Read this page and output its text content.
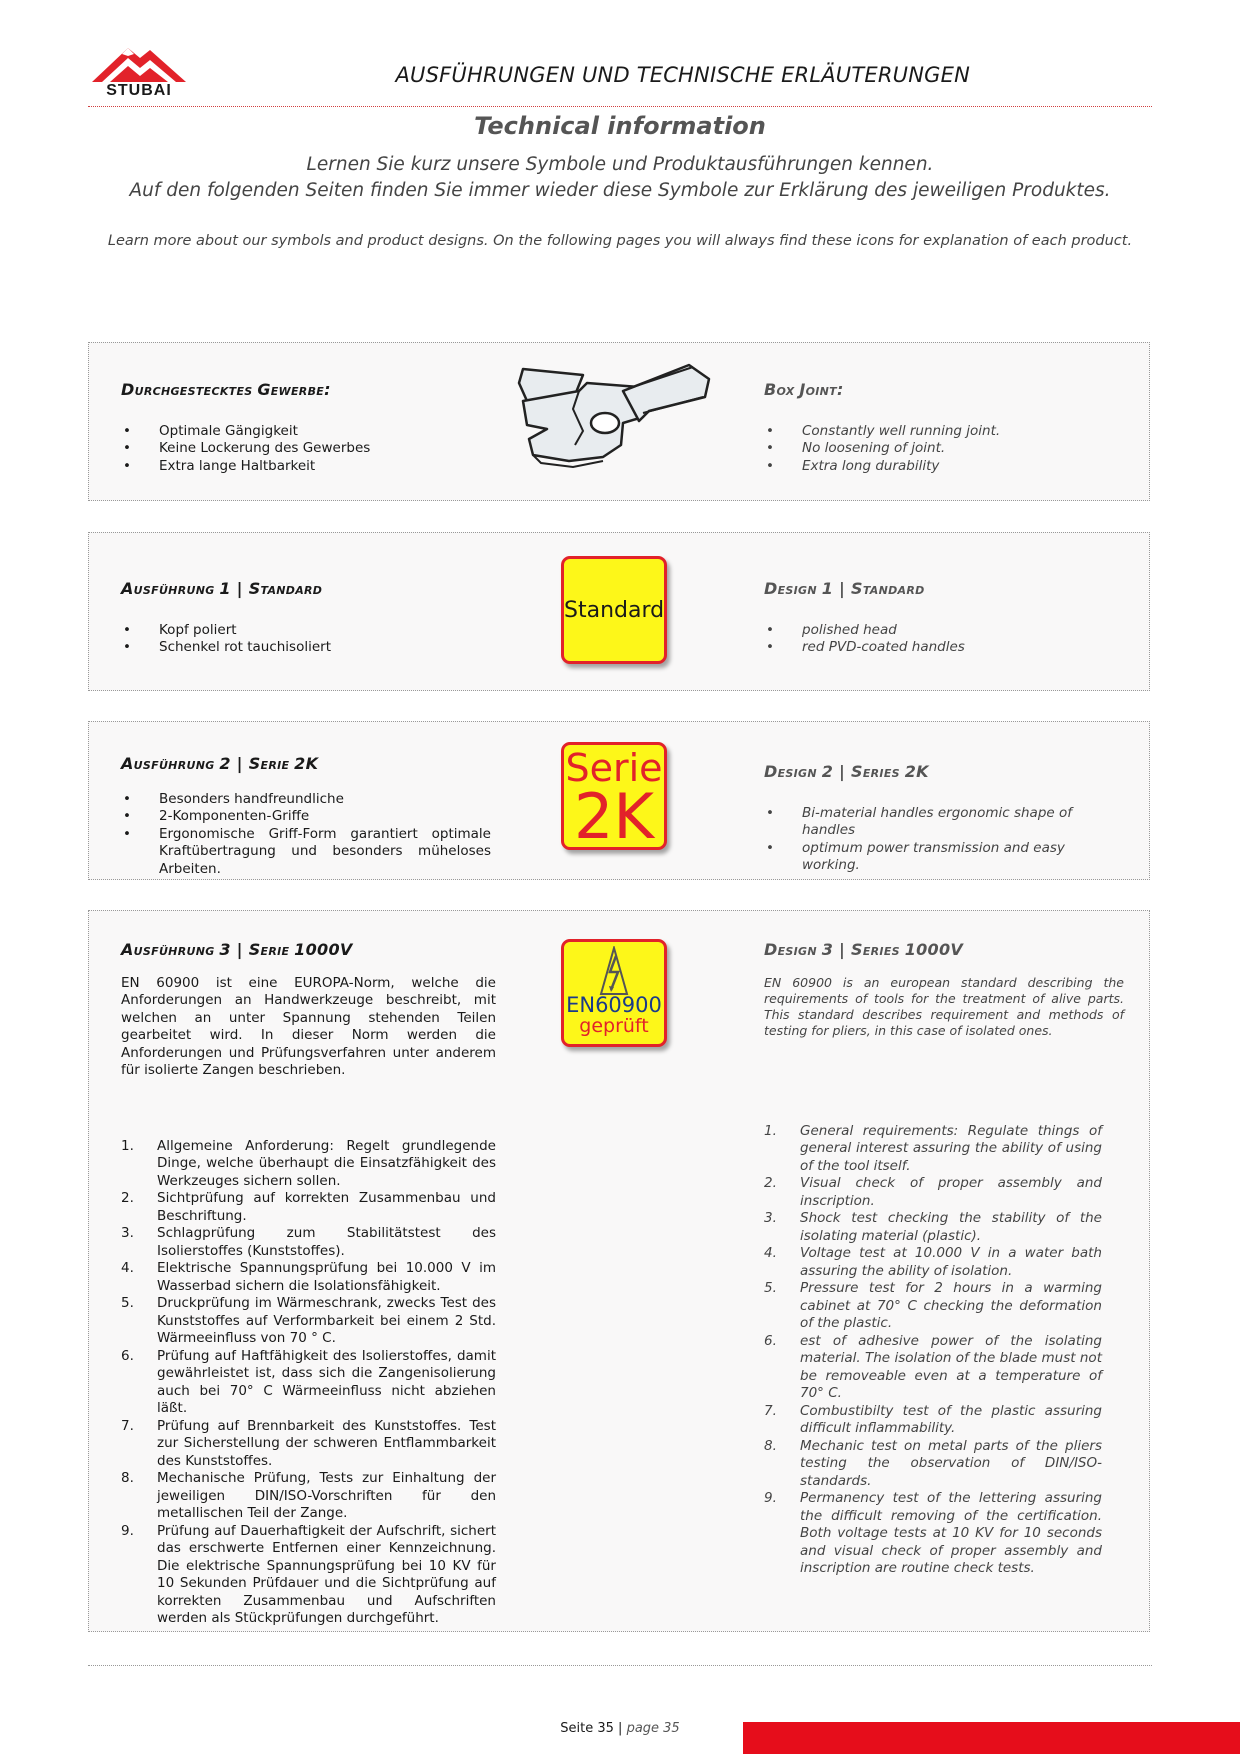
STUBAI
AUSFÜHRUNGEN UND TECHNISCHE ERLÄUTERUNGEN
Technical information
Lernen Sie kurz unsere Symbole und Produktausführungen kennen.
Auf den folgenden Seiten finden Sie immer wieder diese Symbole zur Erklärung des jeweiligen Produktes.
Learn more about our symbols and product designs. On the following pages you will always find these icons for explanation of each product.
Durchgestecktes Gewerbe:
• Optimale Gängigkeit
• Keine Lockerung des Gewerbes
• Extra lange Haltbarkeit
Box Joint:
• Constantly well running joint.
• No loosening of joint.
• Extra long durability
Ausführung 1 | Standard
• Kopf poliert
• Schenkel rot tauchisoliert
Standard
Design 1 | Standard
• polished head
• red PVD-coated handles
Ausführung 2 | Serie 2K
• Besonders handfreundliche
• 2-Komponenten-Griffe
• Ergonomische Griff-Form garantiert optimale Kraftübertragung und besonders müheloses Arbeiten.
Serie
2K
Design 2 | Series 2K
• Bi-material handles ergonomic shape of handles
• optimum power transmission and easy working.
Ausführung 3 | Serie 1000V

EN 60900 ist eine EUROPA-Norm, welche die Anforderungen an Handwerkzeuge beschreibt, mit welchen an unter Spannung stehenden Teilen gearbeitet wird. In dieser Norm werden die Anforderungen und Prüfungsverfahren unter anderem für isolierte Zangen beschrieben.

1. Allgemeine Anforderung: Regelt grundlegende Dinge, welche überhaupt die Einsatzfähigkeit des Werkzeuges sichern sollen.
2. Sichtprüfung auf korrekten Zusammenbau und Beschriftung.
3. Schlagprüfung zum Stabilitätstest des Isolierstoffes (Kunststoffes).
4. Elektrische Spannungsprüfung bei 10.000 V im Wasserbad sichern die Isolationsfähigkeit.
5. Druckprüfung im Wärmeschrank, zwecks Test des Kunststoffes auf Verformbarkeit bei einem 2 Std. Wärmeeinfluss von 70 ° C.
6. Prüfung auf Haftfähigkeit des Isolierstoffes, damit gewährleistet ist, dass sich die Zangenisolierung auch bei 70° C Wärmeeinfluss nicht abziehen läßt.
7. Prüfung auf Brennbarkeit des Kunststoffes. Test zur Sicherstellung der schweren Entflammbarkeit des Kunststoffes.
8. Mechanische Prüfung, Tests zur Einhaltung der jeweiligen DIN/ISO-Vorschriften für den metallischen Teil der Zange.
9. Prüfung auf Dauerhaftigkeit der Aufschrift, sichert das erschwerte Entfernen einer Kennzeichnung. Die elektrische Spannungsprüfung bei 10 KV für 10 Sekunden Prüfdauer und die Sichtprüfung auf korrekten Zusammenbau und Aufschriften werden als Stückprüfungen durchgeführt.
EN60900
geprüft
Design 3 | Series 1000V

EN 60900 is an european standard describing the requirements of tools for the treatment of alive parts. This standard describes requirement and methods of testing for pliers, in this case of isolated ones.

1. General requirements: Regulate things of general interest assuring the ability of using of the tool itself.
2. Visual check of proper assembly and inscription.
3. Shock test checking the stability of the isolating material (plastic).
4. Voltage test at 10.000 V in a water bath assuring the ability of isolation.
5. Pressure test for 2 hours in a warming cabinet at 70° C checking the deformation of the plastic.
6. est of adhesive power of the isolating material. The isolation of the blade must not be removeable even at a temperature of 70° C.
7. Combustibilty test of the plastic assuring difficult inflammability.
8. Mechanic test on metal parts of the pliers testing the observation of DIN/ISO-standards.
9. Permanency test of the lettering assuring the difficult removing of the certification. Both voltage tests at 10 KV for 10 seconds and visual check of proper assembly and inscription are routine check tests.
Seite 35 | page 35
